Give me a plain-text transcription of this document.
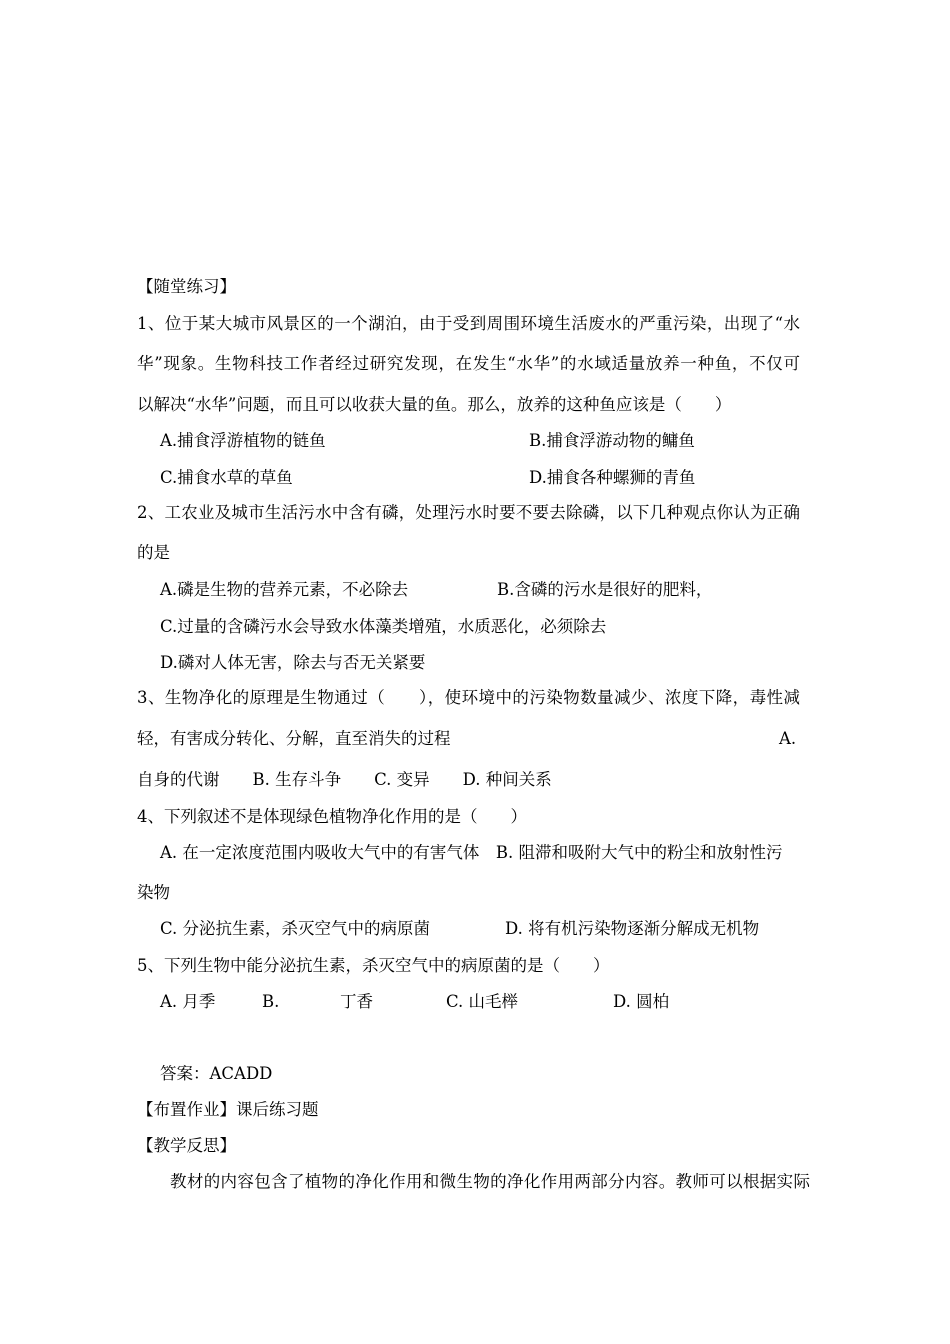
【随堂练习】
1、位于某大城市风景区的一个湖泊，由于受到周围环境生活废水的严重污染，出现了“水
华”现象。生物科技工作者经过研究发现，在发生“水华”的水域适量放养一种鱼，不仅可
以解决“水华”问题，而且可以收获大量的鱼。那么，放养的这种鱼应该是（　　）
A.捕食浮游植物的链鱼	B.捕食浮游动物的鳙鱼
C.捕食水草的草鱼	D.捕食各种螺狮的青鱼
2、工农业及城市生活污水中含有磷，处理污水时要不要去除磷，以下几种观点你认为正确
的是
A.磷是生物的营养元素，不必除去	B.含磷的污水是很好的肥料，
C.过量的含磷污水会导致水体藻类增殖，水质恶化，必须除去
D.磷对人体无害，除去与否无关紧要
3、生物净化的原理是生物通过（　　），使环境中的污染物数量减少、浓度下降，毒性减
轻，有害成分转化、分解，直至消失的过程	A.
自身的代谢　　B. 生存斗争　　C. 变异　　D. 种间关系
4、下列叙述不是体现绿色植物净化作用的是（　　）
A. 在一定浓度范围内吸收大气中的有害气体　B. 阻滞和吸附大气中的粉尘和放射性污
染物
C. 分泌抗生素，杀灭空气中的病原菌	D. 将有机污染物逐渐分解成无机物
5、下列生物中能分泌抗生素，杀灭空气中的病原菌的是（　　）
A. 月季	B.	丁香	C. 山毛榉	D. 圆柏
答案：ACADD
【布置作业】课后练习题
【教学反思】
教材的内容包含了植物的净化作用和微生物的净化作用两部分内容。教师可以根据实际
